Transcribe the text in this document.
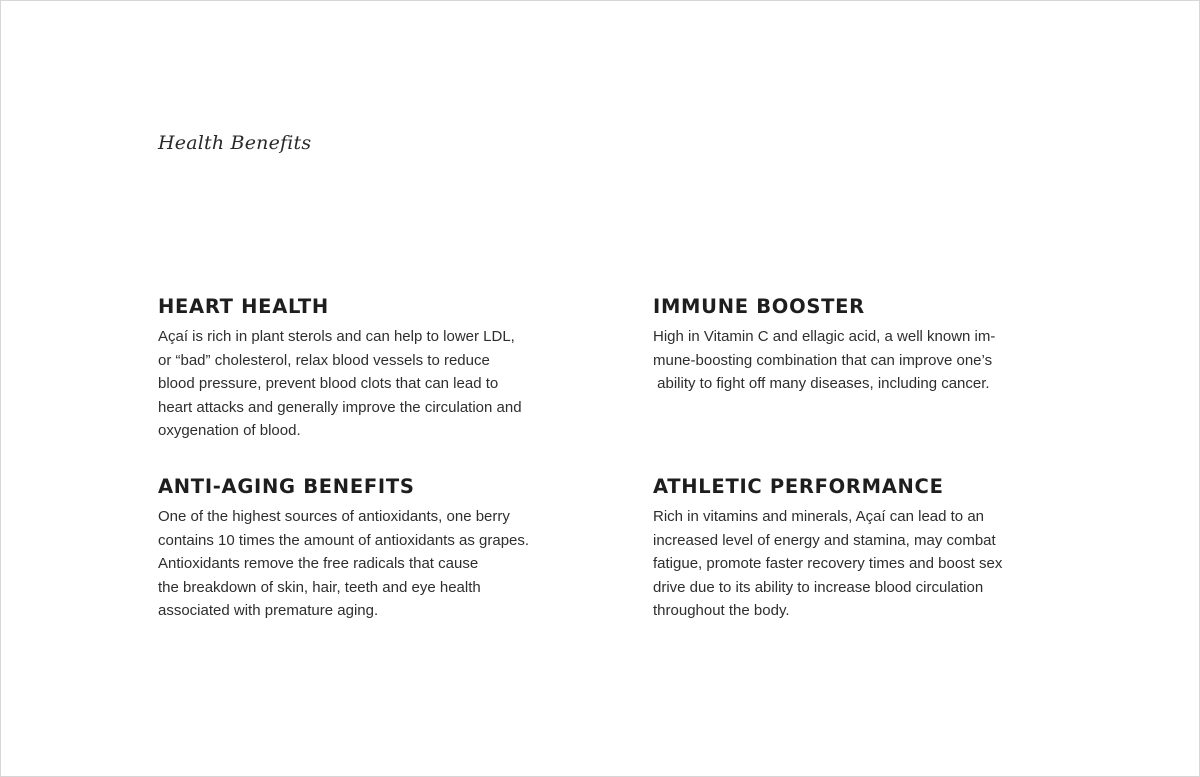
Health Benefits
HEART HEALTH

Açaí is rich in plant sterols and can help to lower LDL,
or “bad” cholesterol, relax blood vessels to reduce
blood pressure, prevent blood clots that can lead to
heart attacks and generally improve the circulation and
oxygenation of blood.

IMMUNE BOOSTER

High in Vitamin C and ellagic acid, a well known im-
mune-boosting combination that can improve one’s
ability to fight off many diseases, including cancer.

ANTI-AGING BENEFITS

One of the highest sources of antioxidants, one berry
contains 10 times the amount of antioxidants as grapes.
Antioxidants remove the free radicals that cause
the breakdown of skin, hair, teeth and eye health
associated with premature aging.

ATHLETIC PERFORMANCE

Rich in vitamins and minerals, Açaí can lead to an
increased level of energy and stamina, may combat
fatigue, promote faster recovery times and boost sex
drive due to its ability to increase blood circulation
throughout the body.
